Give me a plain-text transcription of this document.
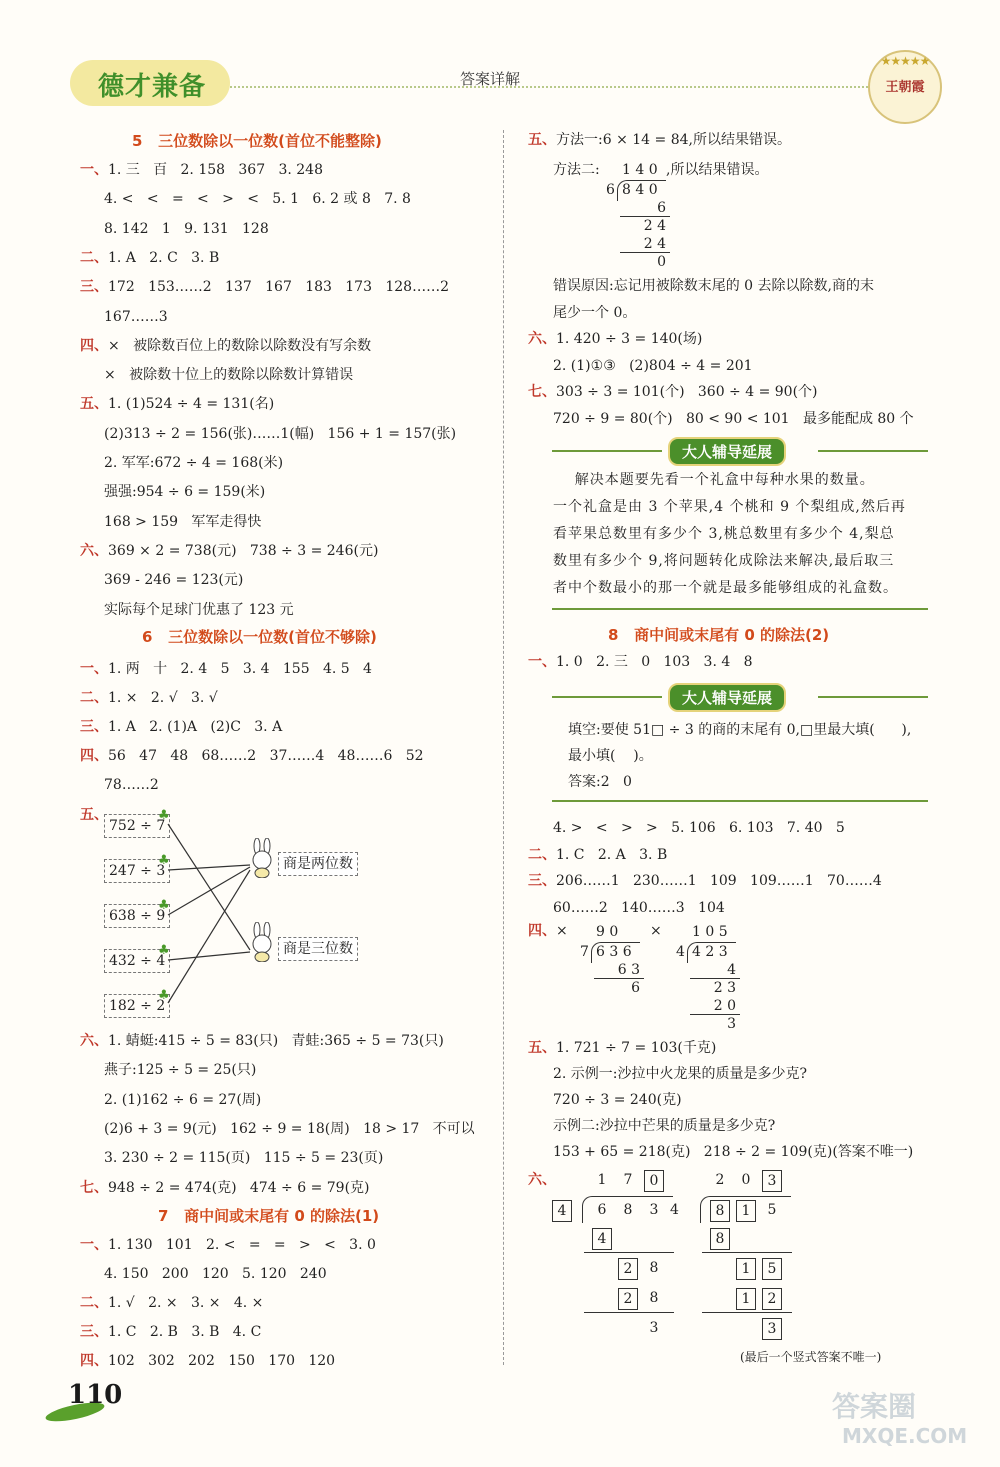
德才兼备	答案详解
★★★★★
王朝霞
5   三位数除以一位数(首位不能整除)
一、1. 三   百   2. 158   367   3. 248
4. <   <   =   <   >   <   5. 1   6. 2 或 8   7. 8
8. 142   1   9. 131   128
二、1. A   2. C   3. B
三、172   153……2   137   167   183   173   128……2
167……3
四、×   被除数百位上的数除以除数没有写余数
×   被除数十位上的数除以除数计算错误
五、1. (1)524 ÷ 4 = 131(名)
(2)313 ÷ 2 = 156(张)……1(幅)   156 + 1 = 157(张)
2. 军军:672 ÷ 4 = 168(米)
强强:954 ÷ 6 = 159(米)
168 > 159   军军走得快
六、369 × 2 = 738(元)   738 ÷ 3 = 246(元)
369 - 246 = 123(元)
实际每个足球门优惠了 123 元
6   三位数除以一位数(首位不够除)
一、1. 两   十   2. 4   5   3. 4   155   4. 5   4
二、1. ×   2. √   3. √
三、1. A   2. (1)A   (2)C   3. A
四、56   47   48   68……2   37……4   48……6   52
78……2
五、
752 ÷ 7
♣
247 ÷ 3
♣
638 ÷ 9
♣
432 ÷ 4
♣
182 ÷ 2
♣
商是两位数
商是三位数
六、1. 蜻蜓:415 ÷ 5 = 83(只)   青蛙:365 ÷ 5 = 73(只)
燕子:125 ÷ 5 = 25(只)
2. (1)162 ÷ 6 = 27(周)
(2)6 + 3 = 9(元)   162 ÷ 9 = 18(周)   18 > 17   不可以
3. 230 ÷ 2 = 115(页)   115 ÷ 5 = 23(页)
七、948 ÷ 2 = 474(克)   474 ÷ 6 = 79(克)
7   商中间或末尾有 0 的除法(1)
一、1. 130   101   2. <   =   =   >   <   3. 0
4. 150   200   120   5. 120   240
二、1. √   2. ×   3. ×   4. ×
三、1. C   2. B   3. B   4. C
四、102   302   202   150   170   120
五、方法一:6 × 14 = 84,所以结果错误。
方法二:	,所以结果错误。
1 4 0
6 8 4 0
6
2 4
2 4
0
错误原因:忘记用被除数末尾的 0 去除以除数,商的末
尾少一个 0。
六、1. 420 ÷ 3 = 140(场)
2. (1)①③   (2)804 ÷ 4 = 201
七、303 ÷ 3 = 101(个)   360 ÷ 4 = 90(个)
720 ÷ 9 = 80(个)   80 < 90 < 101   最多能配成 80 个
大人辅导延展
解决本题要先看一个礼盒中每种水果的数量。
一个礼盒是由 3 个苹果,4 个桃和 9 个梨组成,然后再
看苹果总数里有多少个 3,桃总数里有多少个 4,梨总
数里有多少个 9,将问题转化成除法来解决,最后取三
者中个数最小的那一个就是最多能够组成的礼盒数。
8   商中间或末尾有 0 的除法(2)
一、1. 0   2. 三   0   103   3. 4   8
大人辅导延展
填空:要使 51□ ÷ 3 的商的末尾有 0,□里最大填(      ),
最小填(    )。
答案:2   0
4. >   <   >   >   5. 106   6. 103   7. 40   5
二、1. C   2. A   3. B
三、206……1   230……1   109   109……1   70……4
60……2   140……3   104
四、×	×
9 0
7 6 3 6
6 3
6
1 0 5
4 4 2 3
4
2 3
2 0
3
五、1. 721 ÷ 7 = 103(千克)
2. 示例一:沙拉中火龙果的质量是多少克?
720 ÷ 3 = 240(克)
示例二:沙拉中芒果的质量是多少克?
153 + 65 = 218(克)   218 ÷ 2 = 109(克)(答案不唯一)
六、	1	7	0
4	6	8	3
4
2	8
2	8
3
2	0	3
4	8	1	5
8
1	5
1	2
3
(最后一个竖式答案不唯一)
110	答案圈
MXQE.COM
